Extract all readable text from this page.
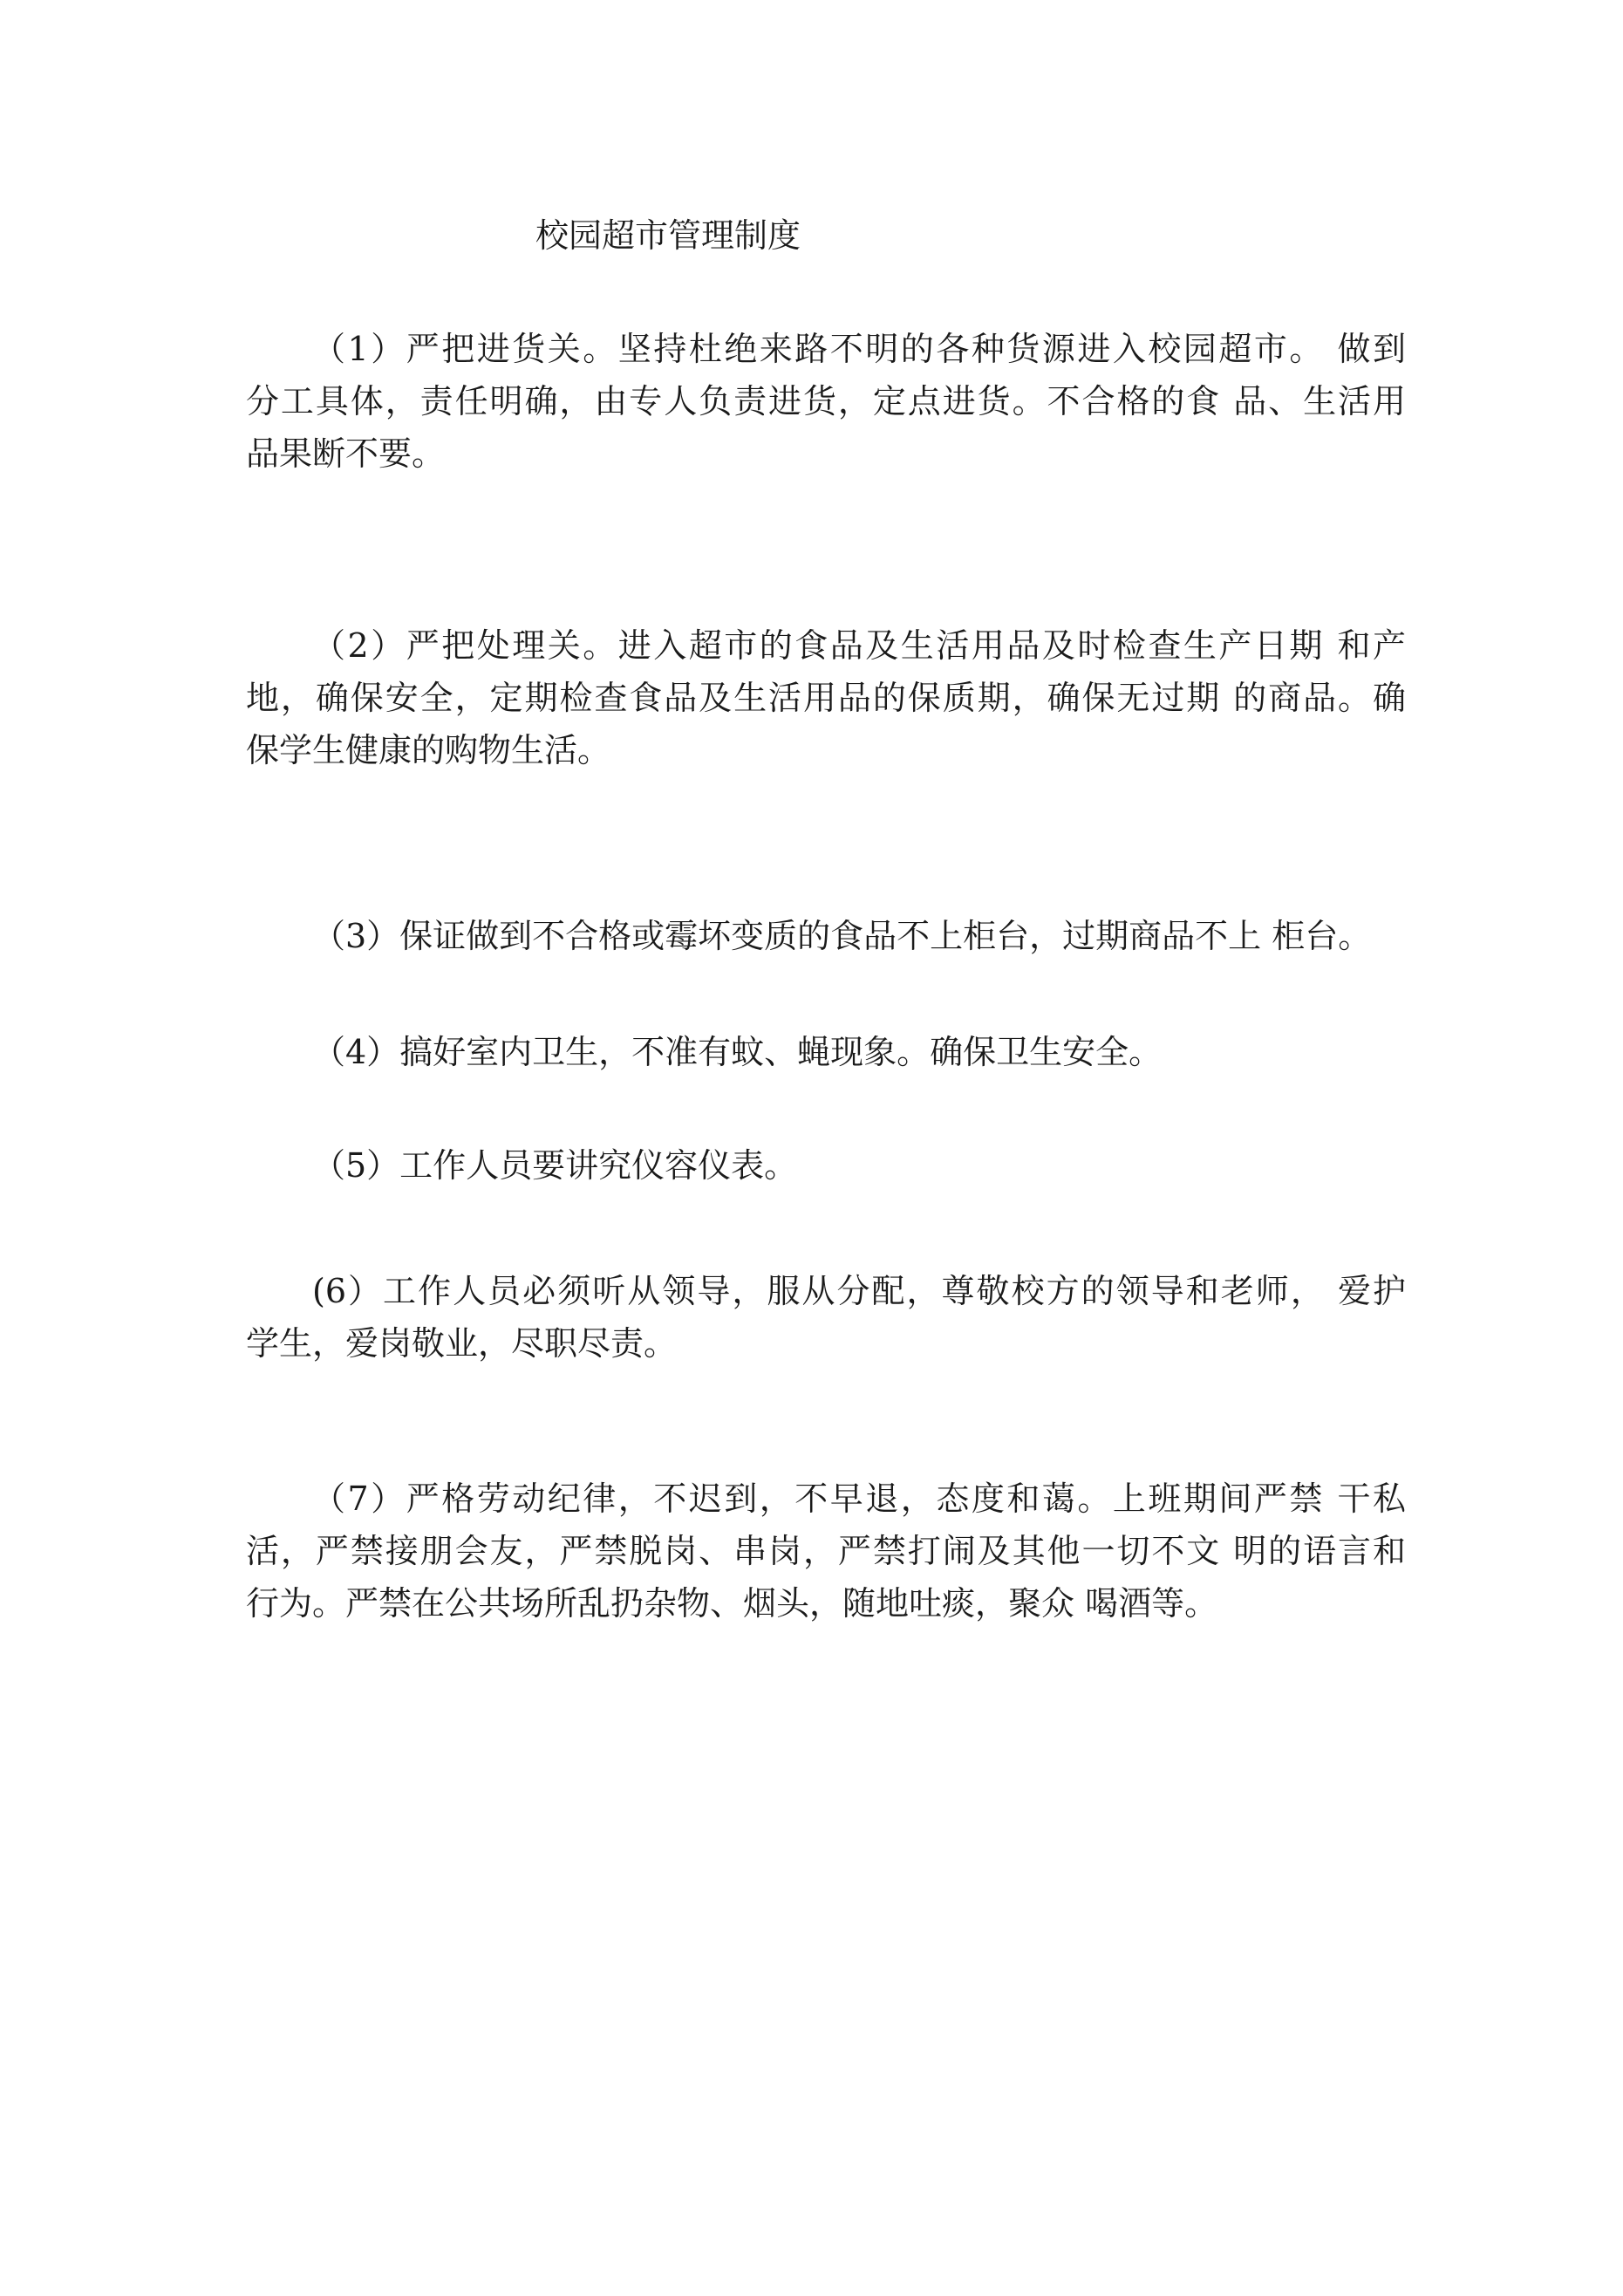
校园超市管理制度
（1）严把进货关。坚持杜绝来路不明的各种货源进入校园超市。 做到
分工具体，责任明确，由专人负责进货，定点进货。不合格的食 品、生活用
品果断不要。
（2）严把处理关。进入超市的食品及生活用品及时检查生产日期 和产
地，确保安全，定期检查食品及生活用品的保质期，确保无过期 的商品。确
保学生健康的购物生活。
（3）保证做到不合格或霉坏变质的食品不上柜台，过期商品不上 柜台。
（4）搞好室内卫生，不准有蚊、蝇现象。确保卫生安全。
（5）工作人员要讲究仪容仪表。
(6）工作人员必须听从领导，服从分配，尊敬校方的领导和老师， 爱护
学生，爱岗敬业，尽职尽责。
（7）严格劳动纪律，不迟到，不早退，态度和蔼。上班期间严禁 干私
活，严禁接朋会友，严禁脱岗、串岗，严禁打闹及其他一切不文 明的语言和
行为。严禁在公共场所乱扔杂物、烟头，随地吐痰，聚众 喝酒等。
